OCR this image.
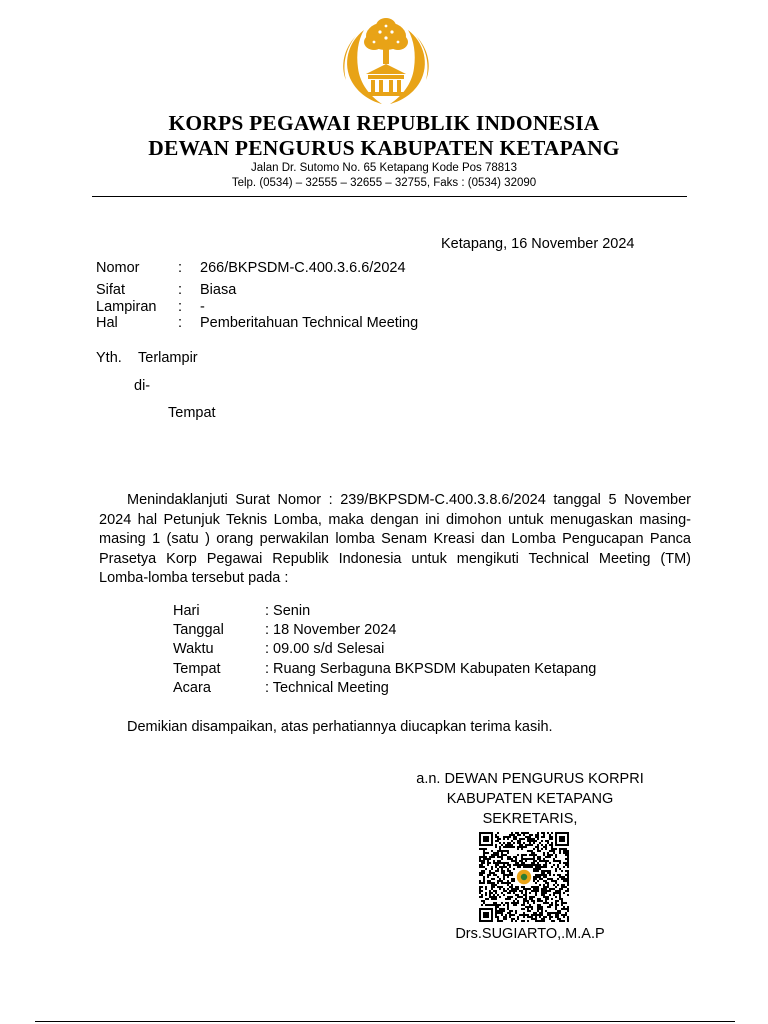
KORPS PEGAWAI REPUBLIK INDONESIA
DEWAN PENGURUS KABUPATEN KETAPANG
Jalan Dr. Sutomo No. 65 Ketapang Kode Pos 78813
Telp. (0534) – 32555 – 32655 – 32755, Faks : (0534) 32090
Ketapang, 16 November 2024
Nomor	: 266/BKPSDM-C.400.3.6.6/2024
Sifat	: Biasa
Lampiran : -
Hal	: Pemberitahuan Technical Meeting
Yth. Terlampir
di-
Tempat
Menindaklanjuti Surat Nomor : 239/BKPSDM-C.400.3.8.6/2024 tanggal 5 November 2024 hal Petunjuk Teknis Lomba, maka dengan ini dimohon untuk menugaskan masing-masing 1 (satu ) orang perwakilan lomba Senam Kreasi dan Lomba Pengucapan Panca Prasetya Korp Pegawai Republik Indonesia untuk mengikuti Technical Meeting (TM) Lomba-lomba tersebut pada :
Hari	: Senin
Tanggal	: 18 November 2024
Waktu	: 09.00 s/d Selesai
Tempat	: Ruang Serbaguna BKPSDM Kabupaten Ketapang
Acara	: Technical Meeting
Demikian disampaikan, atas perhatiannya diucapkan terima kasih.
a.n. DEWAN PENGURUS KORPRI
KABUPATEN KETAPANG
SEKRETARIS,
Drs.SUGIARTO,.M.A.P
